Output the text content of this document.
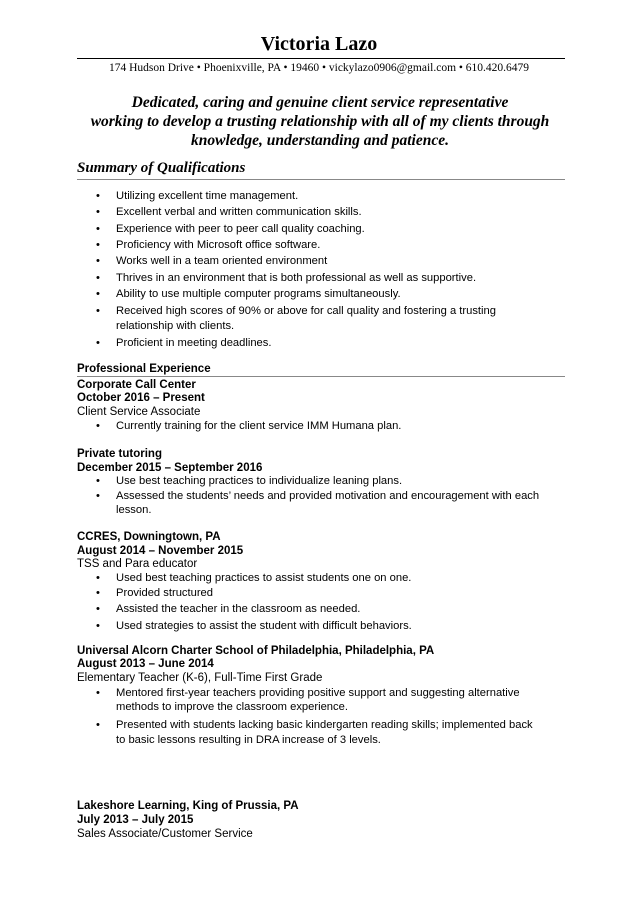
Victoria Lazo
174 Hudson Drive • Phoenixville, PA • 19460 • vickylazo0906@gmail.com • 610.420.6479
Dedicated, caring and genuine client service representative
working to develop a trusting relationship with all of my clients through
knowledge, understanding and patience.
Summary of Qualifications
• Utilizing excellent time management.
• Excellent verbal and written communication skills.
• Experience with peer to peer call quality coaching.
• Proficiency with Microsoft office software.
• Works well in a team oriented environment
• Thrives in an environment that is both professional as well as supportive.
• Ability to use multiple computer programs simultaneously.
• Received high scores of 90% or above for call quality and fostering a trusting
relationship with clients.
• Proficient in meeting deadlines.
Professional Experience
Corporate Call Center
October 2016 – Present
Client Service Associate
• Currently training for the client service IMM Humana plan.
Private tutoring
December 2015 – September 2016
• Use best teaching practices to individualize leaning plans.
• Assessed the students’ needs and provided motivation and encouragement with each
lesson.
CCRES, Downingtown, PA
August 2014 – November 2015
TSS and Para educator
• Used best teaching practices to assist students one on one.
• Provided structured
• Assisted the teacher in the classroom as needed.
• Used strategies to assist the student with difficult behaviors.
Universal Alcorn Charter School of Philadelphia, Philadelphia, PA
August 2013 – June 2014
Elementary Teacher (K-6), Full-Time First Grade
• Mentored first-year teachers providing positive support and suggesting alternative
methods to improve the classroom experience.
• Presented with students lacking basic kindergarten reading skills; implemented back
to basic lessons resulting in DRA increase of 3 levels.
Lakeshore Learning, King of Prussia, PA
July 2013 – July 2015
Sales Associate/Customer Service
